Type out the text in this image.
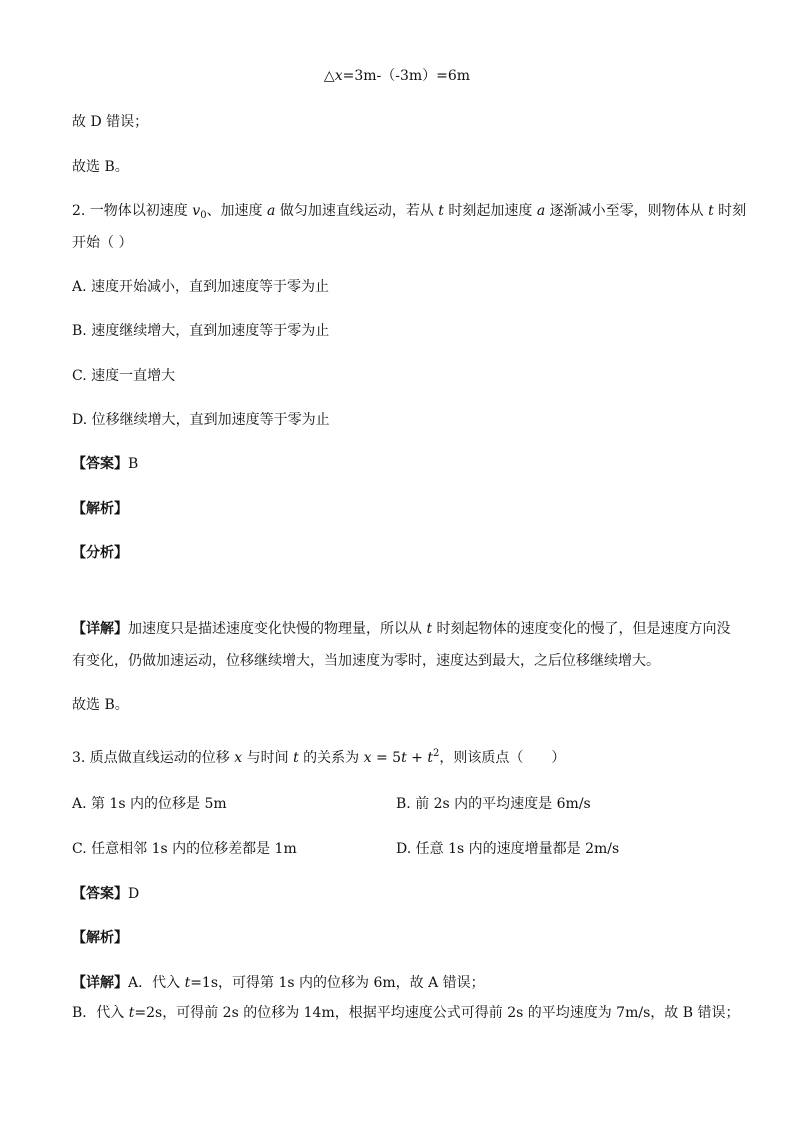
△x=3m-（-3m）=6m
故 D 错误；
故选 B。
2. 一物体以初速度 $v_0$、加速度 a 做匀加速直线运动，若从 t 时刻起加速度 a 逐渐减小至零，则物体从 t 时刻
开始（ ）
A. 速度开始减小，直到加速度等于零为止
B. 速度继续增大，直到加速度等于零为止
C. 速度一直增大
D. 位移继续增大，直到加速度等于零为止
【答案】B
【解析】
【分析】
【详解】加速度只是描述速度变化快慢的物理量，所以从 t 时刻起物体的速度变化的慢了，但是速度方向没
有变化，仍做加速运动，位移继续增大，当加速度为零时，速度达到最大，之后位移继续增大。
故选 B。
3. 质点做直线运动的位移 x 与时间 t 的关系为 $x = 5t + t^2$，则该质点（　　）
A. 第 1s 内的位移是 5m	B. 前 2s 内的平均速度是 6m/s
C. 任意相邻 1s 内的位移差都是 1m	D. 任意 1s 内的速度增量都是 2m/s
【答案】D
【解析】
【详解】A．代入 t=1s，可得第 1s 内的位移为 6m，故 A 错误；
B．代入 t=2s，可得前 2s 的位移为 14m，根据平均速度公式可得前 2s 的平均速度为 7m/s，故 B 错误；
